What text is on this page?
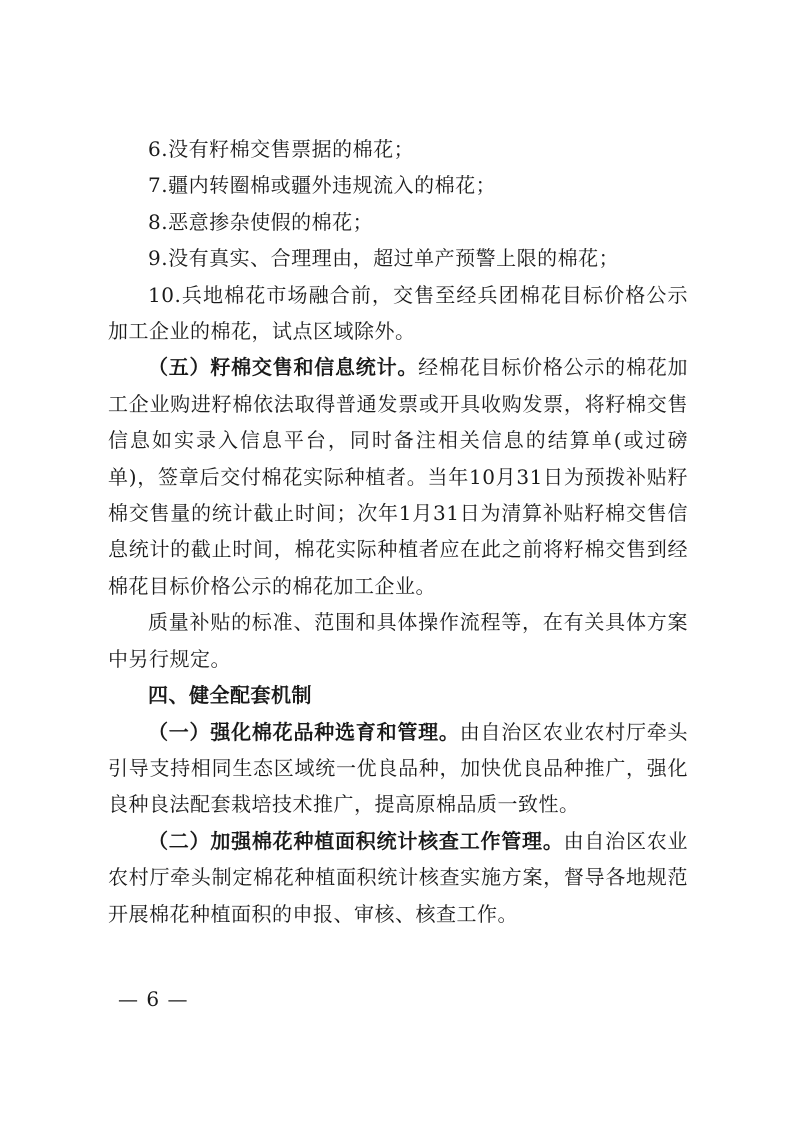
6.没有籽棉交售票据的棉花；

7.疆内转圈棉或疆外违规流入的棉花；

8.恶意掺杂使假的棉花；

9.没有真实、合理理由，超过单产预警上限的棉花；

10.兵地棉花市场融合前，交售至经兵团棉花目标价格公示加工企业的棉花，试点区域除外。

（五）籽棉交售和信息统计。经棉花目标价格公示的棉花加工企业购进籽棉依法取得普通发票或开具收购发票，将籽棉交售信息如实录入信息平台，同时备注相关信息的结算单(或过磅单)，签章后交付棉花实际种植者。当年10月31日为预拨补贴籽棉交售量的统计截止时间；次年1月31日为清算补贴籽棉交售信息统计的截止时间，棉花实际种植者应在此之前将籽棉交售到经棉花目标价格公示的棉花加工企业。

质量补贴的标准、范围和具体操作流程等，在有关具体方案中另行规定。

四、健全配套机制

（一）强化棉花品种选育和管理。由自治区农业农村厅牵头引导支持相同生态区域统一优良品种，加快优良品种推广，强化良种良法配套栽培技术推广，提高原棉品质一致性。

（二）加强棉花种植面积统计核查工作管理。由自治区农业农村厅牵头制定棉花种植面积统计核查实施方案，督导各地规范开展棉花种植面积的申报、审核、核查工作。

— 6 —
